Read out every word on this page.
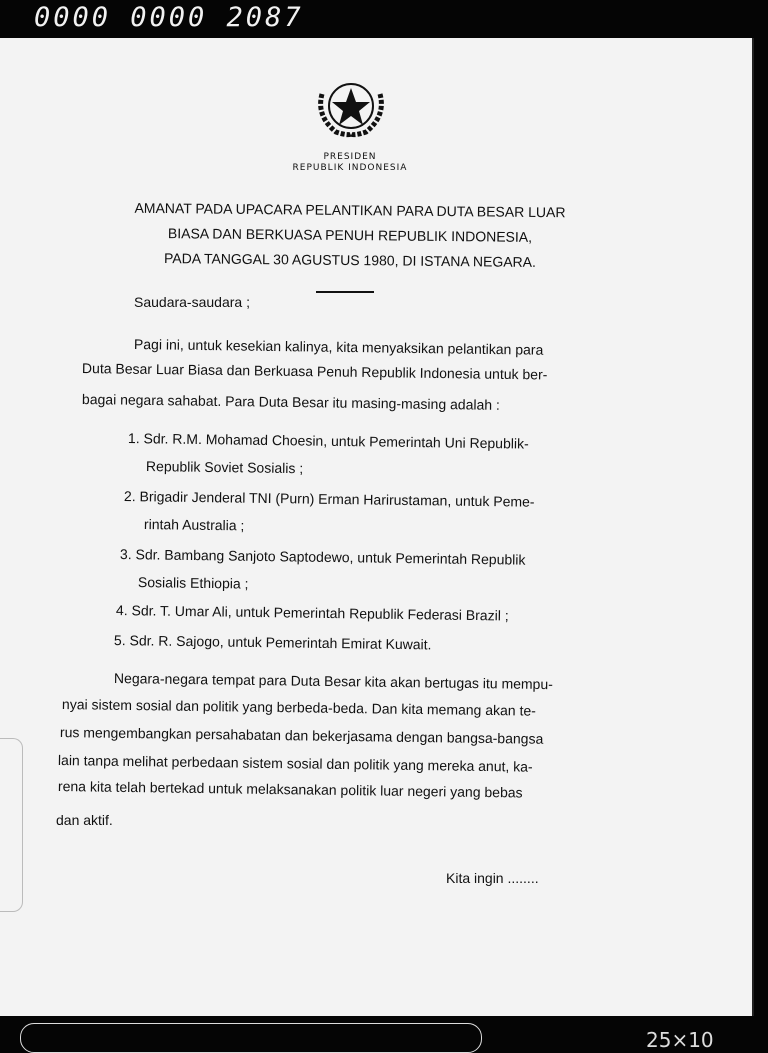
0000 0000 2087
PRESIDEN
REPUBLIK INDONESIA
AMANAT PADA UPACARA PELANTIKAN PARA DUTA BESAR LUAR
BIASA DAN BERKUASA PENUH REPUBLIK INDONESIA,
PADA TANGGAL 30 AGUSTUS 1980, DI ISTANA NEGARA.
Saudara-saudara ;
Pagi ini, untuk kesekian kalinya, kita menyaksikan pelantikan para
Duta Besar Luar Biasa dan Berkuasa Penuh Republik Indonesia untuk ber-
bagai negara sahabat. Para Duta Besar itu masing-masing adalah :
1. Sdr. R.M. Mohamad Choesin, untuk Pemerintah Uni Republik-
Republik Soviet Sosialis ;
2. Brigadir Jenderal TNI (Purn) Erman Harirustaman, untuk Peme-
rintah Australia ;
3. Sdr. Bambang Sanjoto Saptodewo, untuk Pemerintah Republik
Sosialis Ethiopia ;
4. Sdr. T. Umar Ali, untuk Pemerintah Republik Federasi Brazil ;
5. Sdr. R. Sajogo, untuk Pemerintah Emirat Kuwait.
Negara-negara tempat para Duta Besar kita akan bertugas itu mempu-
nyai sistem sosial dan politik yang berbeda-beda. Dan kita memang akan te-
rus mengembangkan persahabatan dan bekerjasama dengan bangsa-bangsa
lain tanpa melihat perbedaan sistem sosial dan politik yang mereka anut, ka-
rena kita telah bertekad untuk melaksanakan politik luar negeri yang bebas
dan aktif.
Kita ingin ........
25×10
